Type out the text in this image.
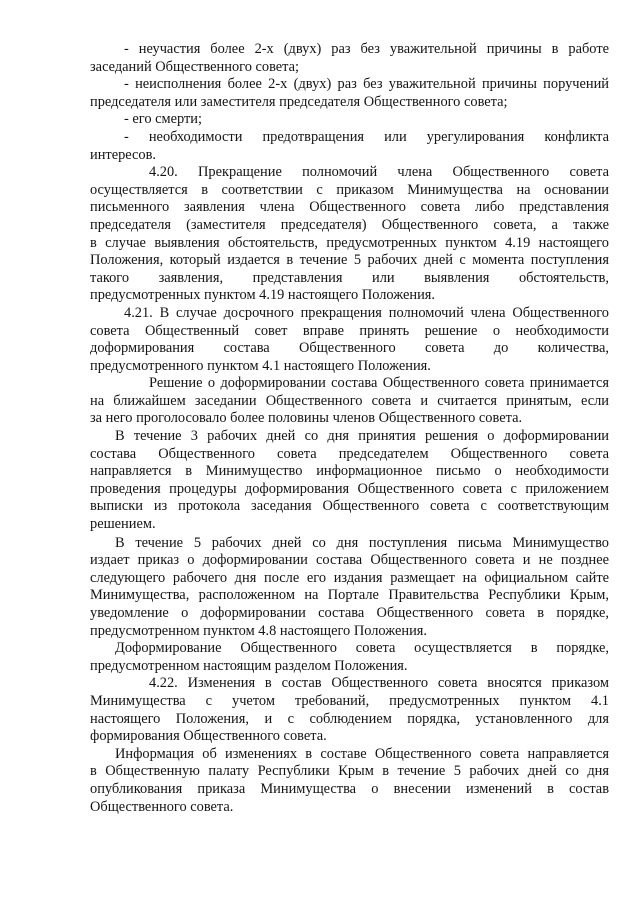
- неучастия более 2-х (двух) раз без уважительной причины в работе
заседаний Общественного совета;
- неисполнения более 2-х (двух) раз без уважительной причины поручений
председателя или заместителя председателя Общественного совета;
- его смерти;
- необходимости предотвращения или урегулирования конфликта
интересов.
4.20. Прекращение полномочий члена Общественного совета
осуществляется в соответствии с приказом Минимущества на основании
письменного заявления члена Общественного совета либо представления
председателя (заместителя председателя) Общественного совета, а также
в случае выявления обстоятельств, предусмотренных пунктом 4.19 настоящего
Положения, который издается в течение 5 рабочих дней с момента поступления
такого заявления, представления или выявления обстоятельств,
предусмотренных пунктом 4.19 настоящего Положения.
4.21. В случае досрочного прекращения полномочий члена Общественного
совета Общественный совет вправе принять решение о необходимости
доформирования состава Общественного совета до количества,
предусмотренного пунктом 4.1 настоящего Положения.
Решение о доформировании состава Общественного совета принимается
на ближайшем заседании Общественного совета и считается принятым, если
за него проголосовало более половины членов Общественного совета.
В течение 3 рабочих дней со дня принятия решения о доформировании
состава Общественного совета председателем Общественного совета
направляется в Минимущество информационное письмо о необходимости
проведения процедуры доформирования Общественного совета с приложением
выписки из протокола заседания Общественного совета с соответствующим
решением.
В течение 5 рабочих дней со дня поступления письма Минимущество
издает приказ о доформировании состава Общественного совета и не позднее
следующего рабочего дня после его издания размещает на официальном сайте
Минимущества, расположенном на Портале Правительства Республики Крым,
уведомление о доформировании состава Общественного совета в порядке,
предусмотренном пунктом 4.8 настоящего Положения.
Доформирование Общественного совета осуществляется в порядке,
предусмотренном настоящим разделом Положения.
4.22. Изменения в состав Общественного совета вносятся приказом
Минимущества с учетом требований, предусмотренных пунктом 4.1
настоящего Положения, и с соблюдением порядка, установленного для
формирования Общественного совета.
Информация об изменениях в составе Общественного совета направляется
в Общественную палату Республики Крым в течение 5 рабочих дней со дня
опубликования приказа Минимущества о внесении изменений в состав
Общественного совета.
